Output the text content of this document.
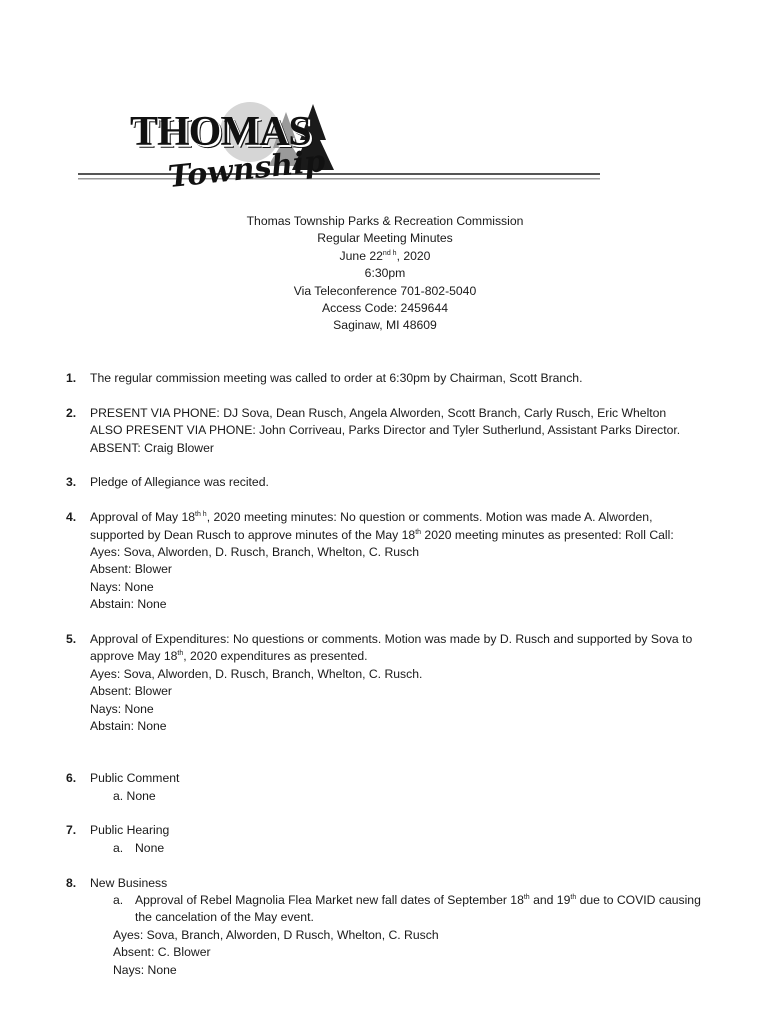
THOMAS
Township
Thomas Township Parks & Recreation Commission
Regular Meeting Minutes
June 22nd $^h$, 2020
6:30pm
Via Teleconference 701-802-5040
Access Code: 2459644
Saginaw, MI 48609
1. The regular commission meeting was called to order at 6:30pm by Chairman, Scott Branch.
2. PRESENT VIA PHONE: DJ Sova, Dean Rusch, Angela Alworden, Scott Branch, Carly Rusch, Eric Whelton
ALSO PRESENT VIA PHONE: John Corriveau, Parks Director and Tyler Sutherlund, Assistant Parks Director.
ABSENT: Craig Blower
3. Pledge of Allegiance was recited.
4. Approval of May $18^{th h}$, 2020 meeting minutes: No question or comments. Motion was made A. Alworden,
supported by Dean Rusch to approve minutes of the May 18th 2020 meeting minutes as presented: Roll Call:
Ayes: Sova, Alworden, D. Rusch, Branch, Whelton, C. Rusch
Absent: Blower
Nays: None
Abstain: None
5. Approval of Expenditures: No questions or comments. Motion was made by D. Rusch and supported by Sova to
approve May 18th, 2020 expenditures as presented.
Ayes: Sova, Alworden, D. Rusch, Branch, Whelton, C. Rusch.
Absent: Blower
Nays: None
Abstain: None
6. Public Comment
a. None
7. Public Hearing
a. None
8. New Business
a. Approval of Rebel Magnolia Flea Market new fall dates of September 18th and 19th due to COVID causing
the cancelation of the May event.
Ayes: Sova, Branch, Alworden, D Rusch, Whelton, C. Rusch
Absent: C. Blower
Nays: None
